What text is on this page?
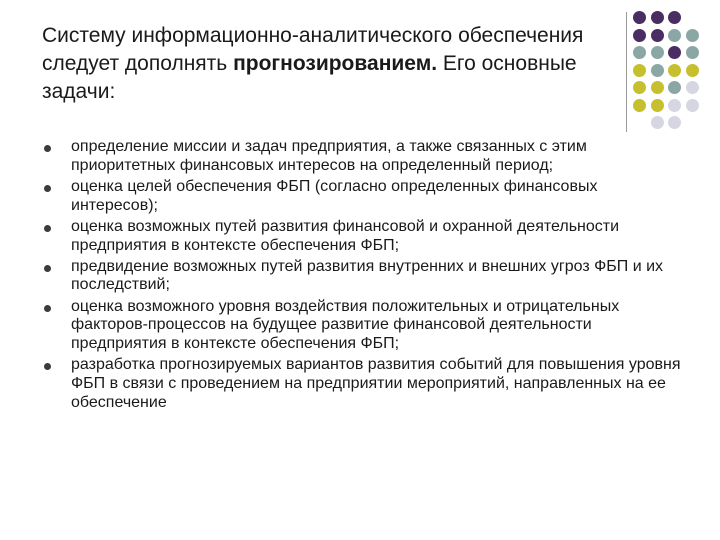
Систему информационно-аналитического обеспечения следует дополнять прогнозированием. Его основные задачи:
определение миссии и задач предприятия, а также связанных с этим приоритетных финансовых интересов на определенный период;
оценка целей обеспечения ФБП (согласно определенных финансовых интересов);
оценка возможных путей развития финансовой и охранной деятельности предприятия в контексте обеспечения ФБП;
предвидение возможных путей развития внутренних и внешних угроз ФБП и их последствий;
оценка возможного уровня воздействия положительных и отрицательных факторов-процессов на будущее развитие финансовой деятельности предприятия в контексте обеспечения ФБП;
разработка прогнозируемых вариантов развития событий для повышения уровня ФБП в связи с проведением на предприятии мероприятий, направленных на ее обеспечение
